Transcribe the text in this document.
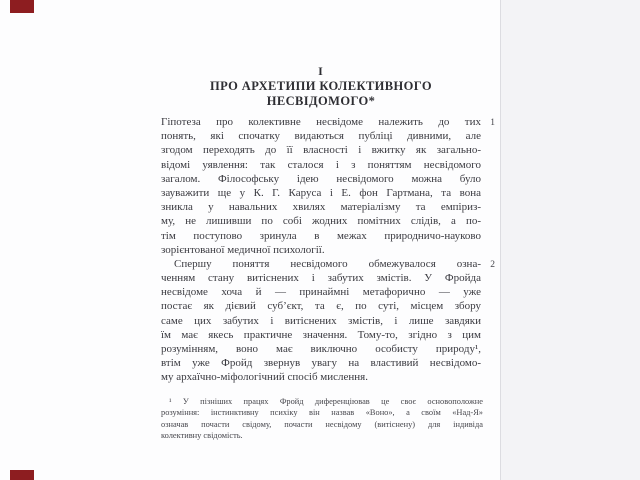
I
ПРО АРХЕТИПИ КОЛЕКТИВНОГО
НЕСВІДОМОГО*
1
Гіпотеза про колективне несвідоме належить до тих
понять, які спочатку видаються публіці дивними, але
згодом переходять до її власності і вжитку як загально-
відомі уявлення: так сталося і з поняттям несвідомого
загалом. Філософську ідею несвідомого можна було
зауважити ще у К. Г. Каруса і Е. фон Гартмана, та вона
зникла у навальних хвилях матеріалізму та емпіриз-
му, не лишивши по собі жодних помітних слідів, а по-
тім поступово зринула в межах природничо-науково
зорієнтованої медичної психології.
2
Спершу поняття несвідомого обмежувалося озна-
ченням стану витіснених і забутих змістів. У Фройда
несвідоме хоча й — принаймні метафорично — уже
постає як дієвий суб’єкт, та є, по суті, місцем збору
саме цих забутих і витіснених змістів, і лише завдяки
їм має якесь практичне значення. Тому-то, згідно з цим
розумінням, воно має виключно особисту природу¹,
втім уже Фройд звернув увагу на властивий несвідомо-
му архаїчно-міфологічний спосіб мислення.
¹ У пізніших працях Фройд диференціював це своє основоположне
розуміння: інстинктивну психіку він назвав «Воно», а своїм «Над-Я»
означав почасти свідому, почасти несвідому (витіснену) для індивіда
колективну свідомість.
